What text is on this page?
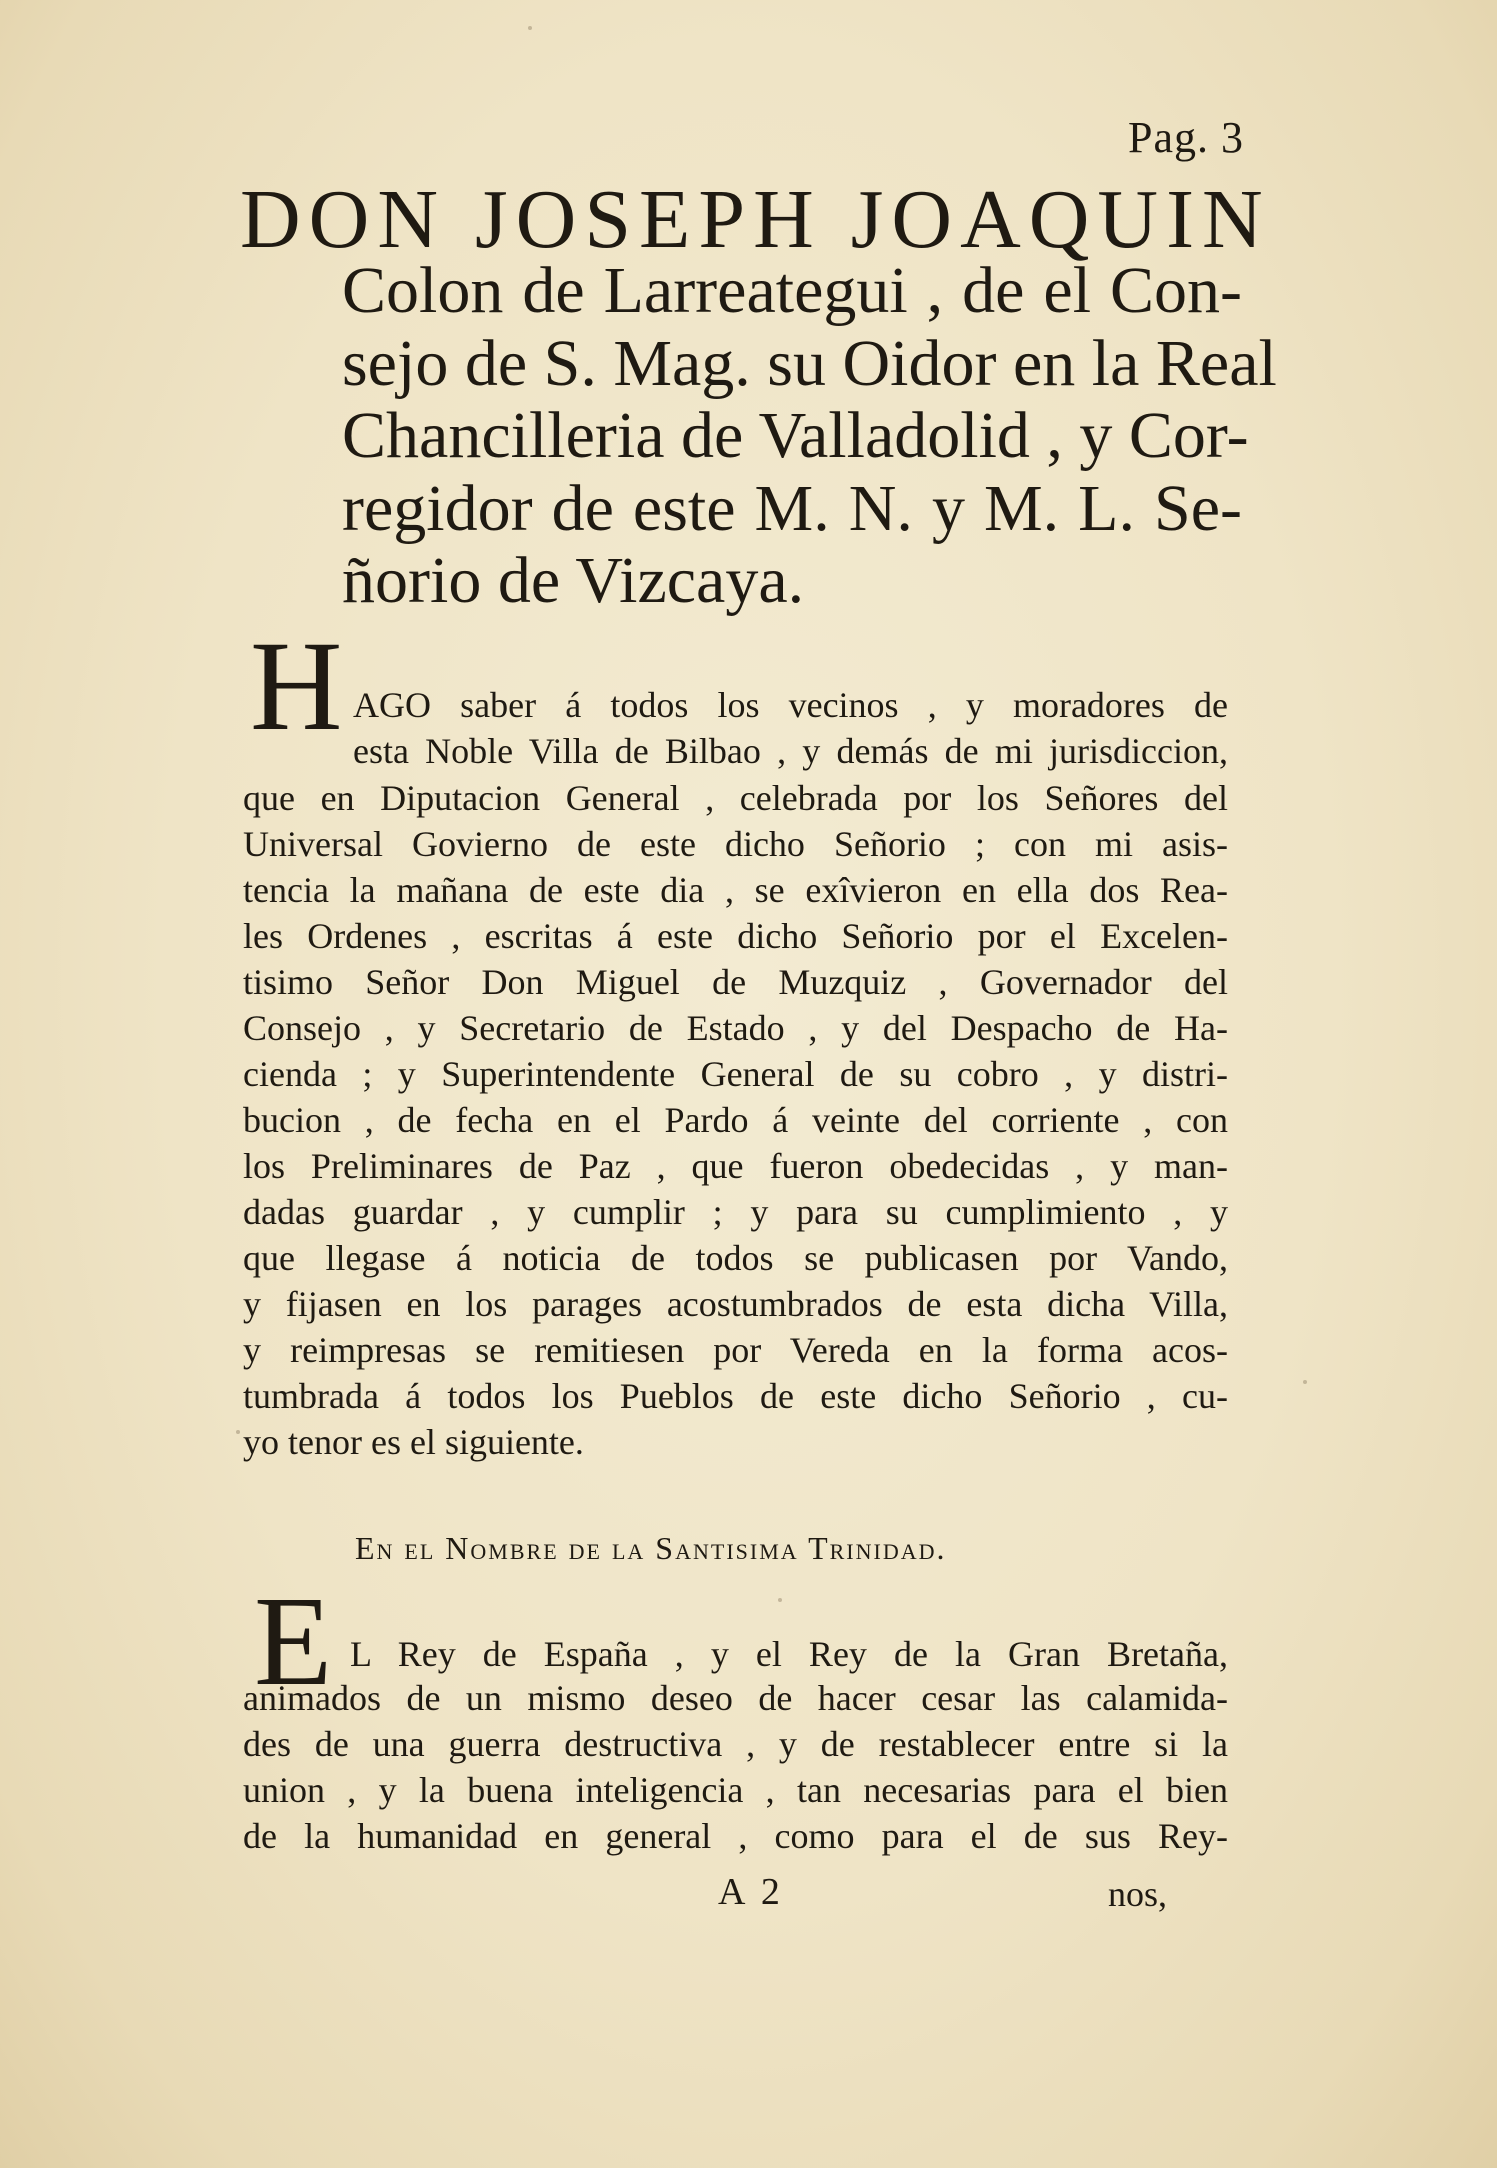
Pag. 3
DON JOSEPH JOAQUIN
Colon de Larreategui , de el Con-
sejo de S. Mag. su Oidor en la Real
Chancilleria de Valladolid , y Cor-
regidor de este M. N. y M. L. Se-
ñorio de Vizcaya.
H AGO saber á todos los vecinos , y moradores de
esta Noble Villa de Bilbao , y demás de mi jurisdiccion,
que en Diputacion General , celebrada por los Señores del
Universal Govierno de este dicho Señorio ; con mi asis-
tencia la mañana de este dia , se exîvieron en ella dos Rea-
les Ordenes , escritas á este dicho Señorio por el Excelen-
tisimo Señor Don Miguel de Muzquiz , Governador del
Consejo , y Secretario de Estado , y del Despacho de Ha-
cienda ; y Superintendente General de su cobro , y distri-
bucion , de fecha en el Pardo á veinte del corriente , con
los Preliminares de Paz , que fueron obedecidas , y man-
dadas guardar , y cumplir ; y para su cumplimiento , y
que llegase á noticia de todos se publicasen por Vando,
y fijasen en los parages acostumbrados de esta dicha Villa,
y reimpresas se remitiesen por Vereda en la forma acos-
tumbrada á todos los Pueblos de este dicho Señorio , cu-
yo tenor es el siguiente.
En el Nombre de la Santisima Trinidad.
E L Rey de España , y el Rey de la Gran Bretaña,
animados de un mismo deseo de hacer cesar las calamida-
des de una guerra destructiva , y de restablecer entre si la
union , y la buena inteligencia , tan necesarias para el bien
de la humanidad en general , como para el de sus Rey-
A 2	nos,
